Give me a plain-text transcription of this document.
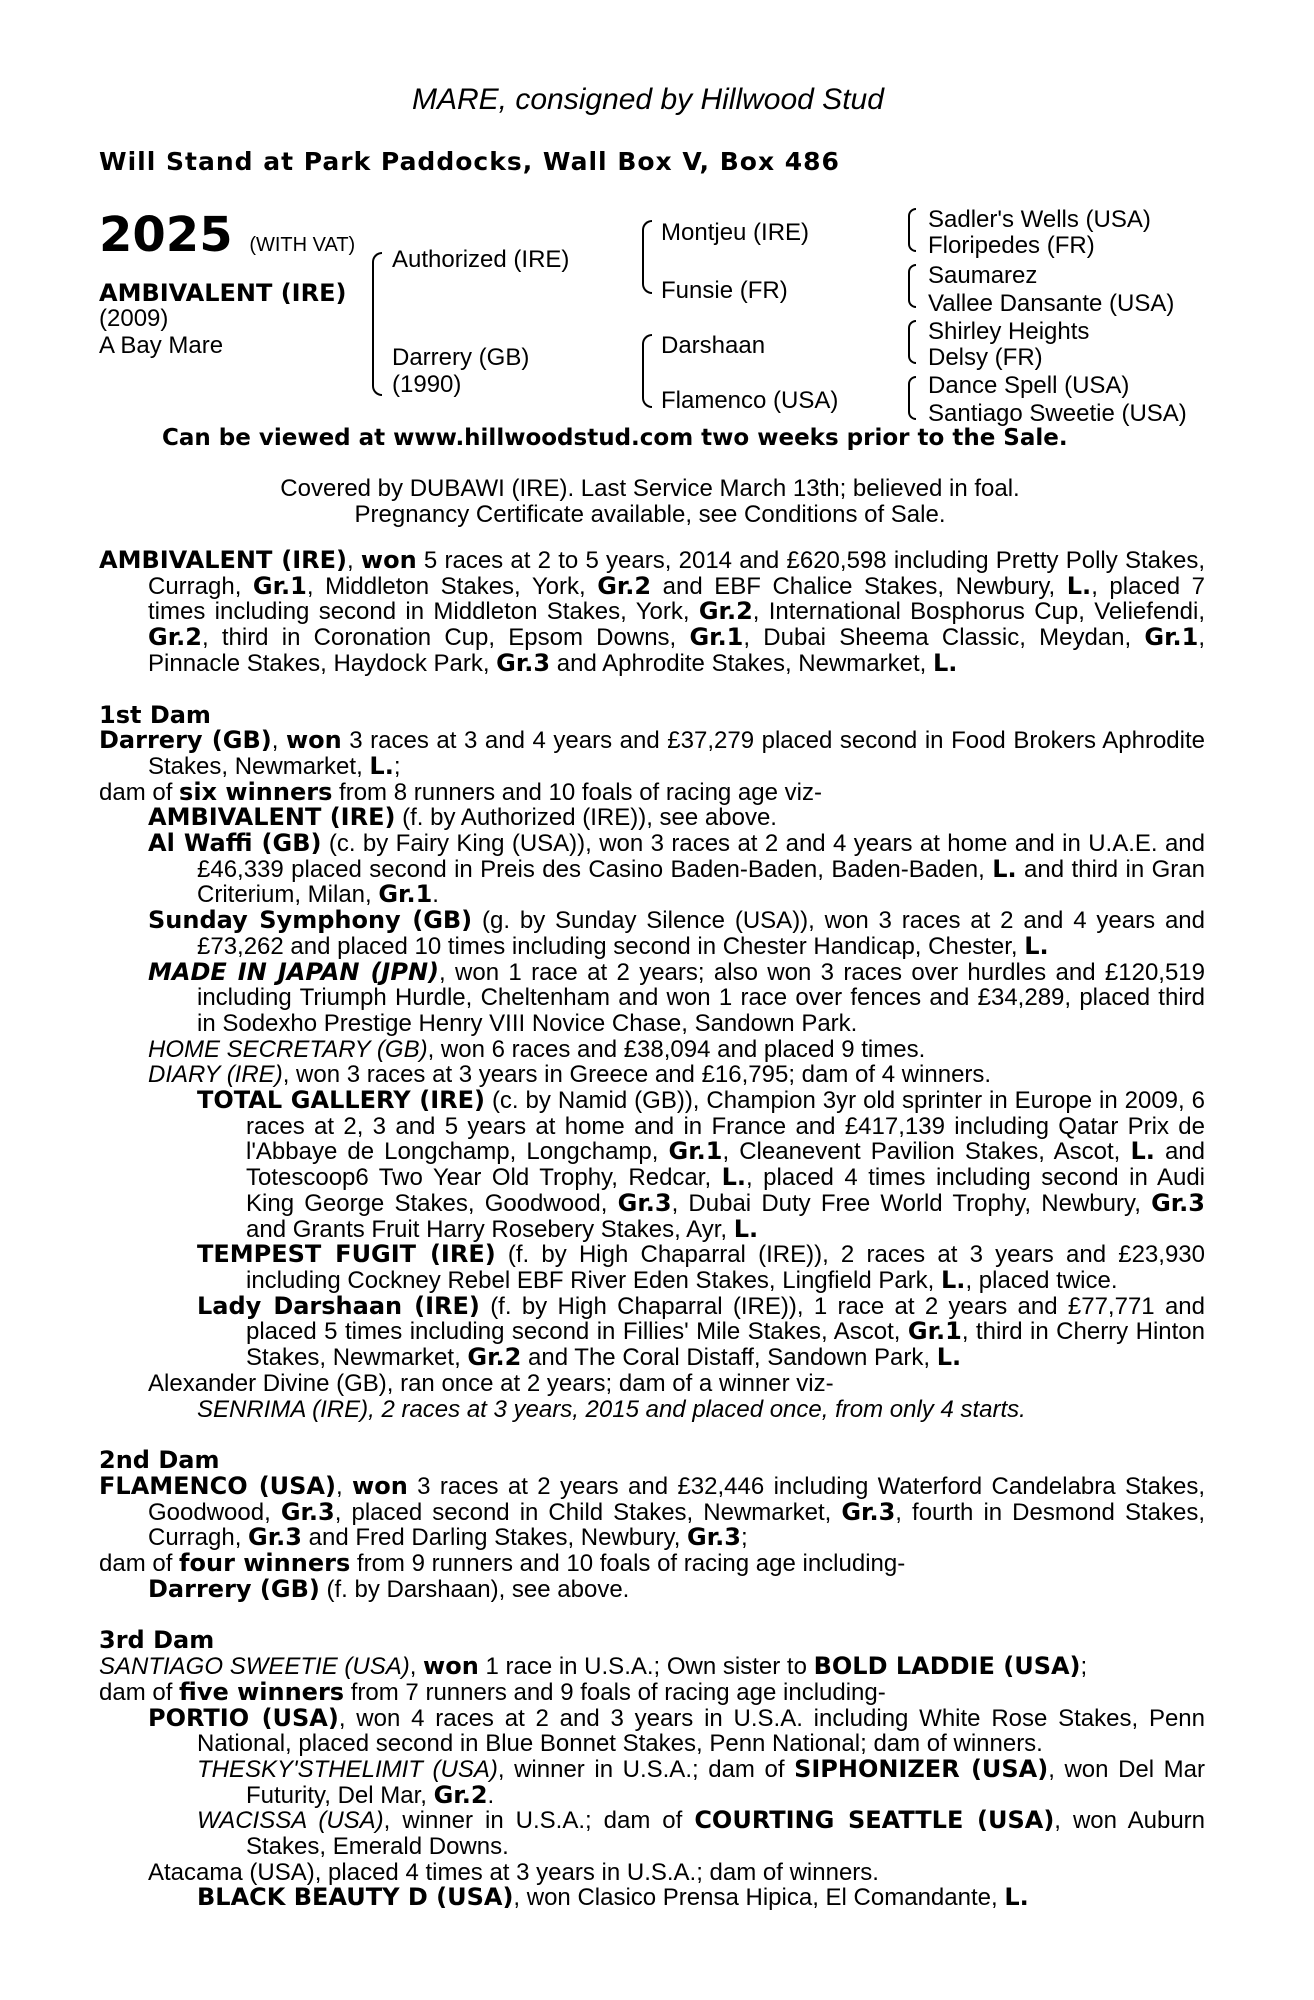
MARE, consigned by Hillwood Stud
Will Stand at Park Paddocks, Wall Box V, Box 486
2025 (WITH VAT)
AMBIVALENT (IRE)
(2009)
A Bay Mare
Authorized (IRE)
Darrery (GB)
(1990)
Montjeu (IRE)
Funsie (FR)
Darshaan
Flamenco (USA)
Sadler's Wells (USA)
Floripedes (FR)
Saumarez
Vallee Dansante (USA)
Shirley Heights
Delsy (FR)
Dance Spell (USA)
Santiago Sweetie (USA)
Can be viewed at www.hillwoodstud.com two weeks prior to the Sale.
Covered by DUBAWI (IRE). Last Service March 13th; believed in foal.
Pregnancy Certificate available, see Conditions of Sale.

AMBIVALENT (IRE), won 5 races at 2 to 5 years, 2014 and £620,598 including Pretty Polly Stakes, Curragh, Gr.1, Middleton Stakes, York, Gr.2 and EBF Chalice Stakes, Newbury, L., placed 7 times including second in Middleton Stakes, York, Gr.2, International Bosphorus Cup, Veliefendi, Gr.2, third in Coronation Cup, Epsom Downs, Gr.1, Dubai Sheema Classic, Meydan, Gr.1, Pinnacle Stakes, Haydock Park, Gr.3 and Aphrodite Stakes, Newmarket, L.

1st Dam

Darrery (GB), won 3 races at 3 and 4 years and £37,279 placed second in Food Brokers Aphrodite Stakes, Newmarket, L.;

dam of six winners from 8 runners and 10 foals of racing age viz-

AMBIVALENT (IRE) (f. by Authorized (IRE)), see above.

Al Waffi (GB) (c. by Fairy King (USA)), won 3 races at 2 and 4 years at home and in U.A.E. and £46,339 placed second in Preis des Casino Baden-Baden, Baden-Baden, L. and third in Gran Criterium, Milan, Gr.1.

Sunday Symphony (GB) (g. by Sunday Silence (USA)), won 3 races at 2 and 4 years and £73,262 and placed 10 times including second in Chester Handicap, Chester, L.

MADE IN JAPAN (JPN), won 1 race at 2 years; also won 3 races over hurdles and £120,519 including Triumph Hurdle, Cheltenham and won 1 race over fences and £34,289, placed third in Sodexho Prestige Henry VIII Novice Chase, Sandown Park.

HOME SECRETARY (GB), won 6 races and £38,094 and placed 9 times.

DIARY (IRE), won 3 races at 3 years in Greece and £16,795; dam of 4 winners.

TOTAL GALLERY (IRE) (c. by Namid (GB)), Champion 3yr old sprinter in Europe in 2009, 6 races at 2, 3 and 5 years at home and in France and £417,139 including Qatar Prix de l'Abbaye de Longchamp, Longchamp, Gr.1, Cleanevent Pavilion Stakes, Ascot, L. and Totescoop6 Two Year Old Trophy, Redcar, L., placed 4 times including second in Audi King George Stakes, Goodwood, Gr.3, Dubai Duty Free World Trophy, Newbury, Gr.3 and Grants Fruit Harry Rosebery Stakes, Ayr, L.

TEMPEST FUGIT (IRE) (f. by High Chaparral (IRE)), 2 races at 3 years and £23,930 including Cockney Rebel EBF River Eden Stakes, Lingfield Park, L., placed twice.

Lady Darshaan (IRE) (f. by High Chaparral (IRE)), 1 race at 2 years and £77,771 and placed 5 times including second in Fillies' Mile Stakes, Ascot, Gr.1, third in Cherry Hinton Stakes, Newmarket, Gr.2 and The Coral Distaff, Sandown Park, L.

Alexander Divine (GB), ran once at 2 years; dam of a winner viz-

SENRIMA (IRE), 2 races at 3 years, 2015 and placed once, from only 4 starts.

2nd Dam

FLAMENCO (USA), won 3 races at 2 years and £32,446 including Waterford Candelabra Stakes, Goodwood, Gr.3, placed second in Child Stakes, Newmarket, Gr.3, fourth in Desmond Stakes, Curragh, Gr.3 and Fred Darling Stakes, Newbury, Gr.3;

dam of four winners from 9 runners and 10 foals of racing age including-

Darrery (GB) (f. by Darshaan), see above.

3rd Dam

SANTIAGO SWEETIE (USA), won 1 race in U.S.A.; Own sister to BOLD LADDIE (USA);

dam of five winners from 7 runners and 9 foals of racing age including-

PORTIO (USA), won 4 races at 2 and 3 years in U.S.A. including White Rose Stakes, Penn National, placed second in Blue Bonnet Stakes, Penn National; dam of winners.

THESKY'STHELIMIT (USA), winner in U.S.A.; dam of SIPHONIZER (USA), won Del Mar Futurity, Del Mar, Gr.2.

WACISSA (USA), winner in U.S.A.; dam of COURTING SEATTLE (USA), won Auburn Stakes, Emerald Downs.

Atacama (USA), placed 4 times at 3 years in U.S.A.; dam of winners.

BLACK BEAUTY D (USA), won Clasico Prensa Hipica, El Comandante, L.
